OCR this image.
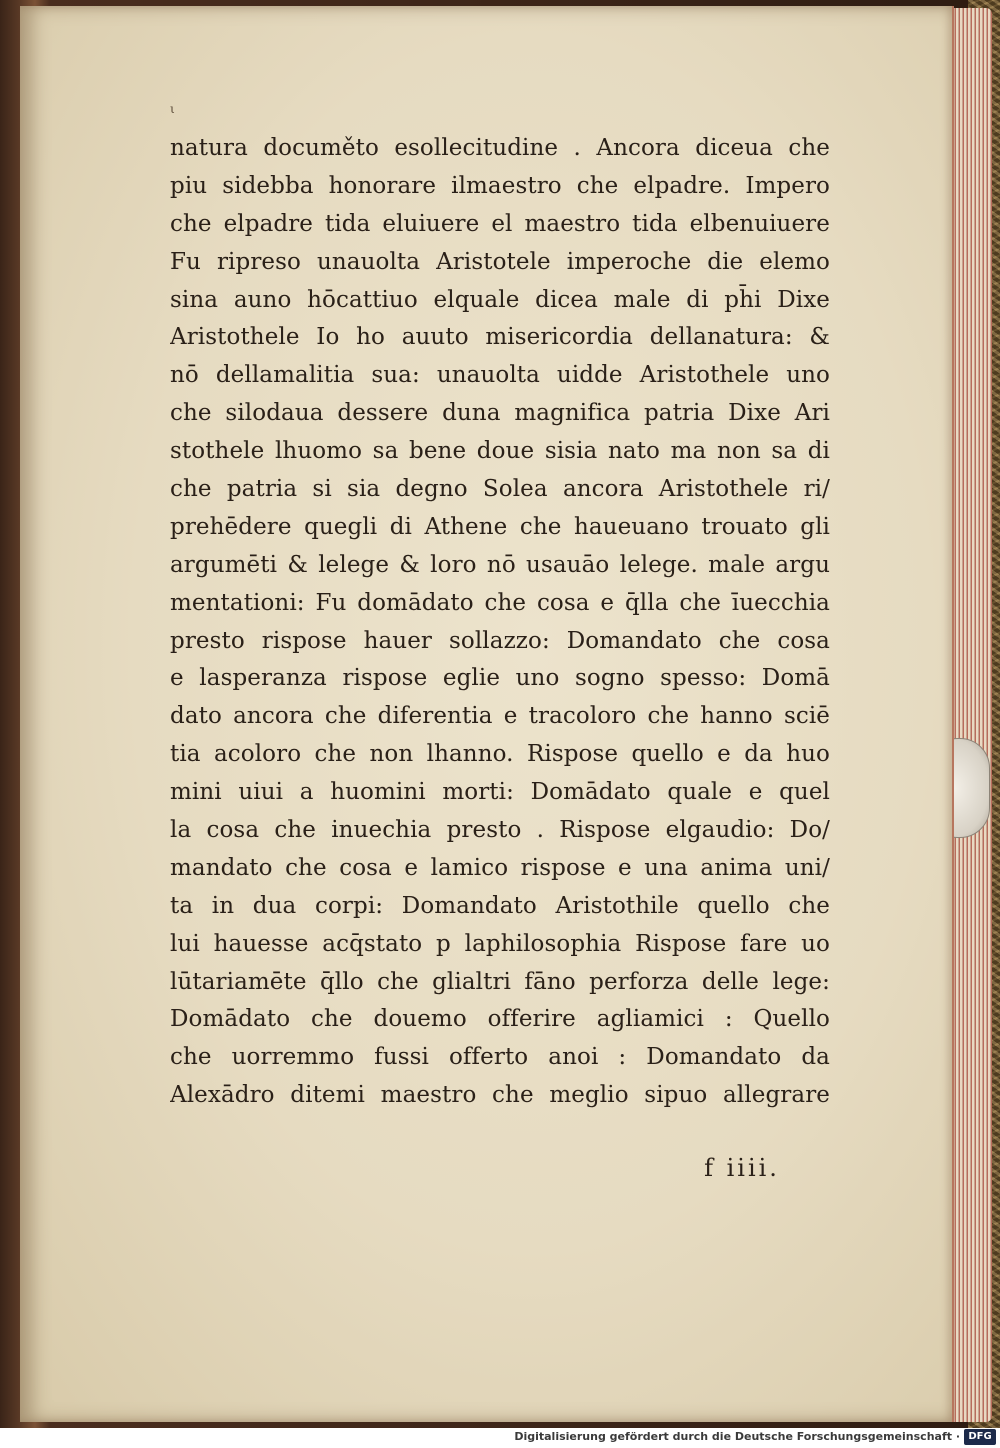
ι
natura documěto esollecitudine . Ancora diceua che
piu sidebba honorare ilmaestro che elpadre. Impero
che elpadre tida eluiuere el maestro tida elbenuiuere
Fu ripreso unauolta Aristotele imperoche die elemo
sina auno hōcattiuo elquale dicea male di ph̄i Dixe
Aristothele Io ho auuto misericordia dellanatura: &
nō dellamalitia sua: unauolta uidde Aristothele uno
che silodaua dessere duna magnifica patria Dixe Ari
stothele lhuomo sa bene doue sisia nato ma non sa di
che patria si sia degno Solea ancora Aristothele ri/
prehēdere quegli di Athene che haueuano trouato gli
argumēti & lelege & loro nō usauāo lelege. male argu
mentationi: Fu domādato che cosa e q̄lla che īuecchia
presto rispose hauer sollazzo: Domandato che cosa
e lasperanza rispose eglie uno sogno spesso: Domā
dato ancora che diferentia e tracoloro che hanno sciē
tia acoloro che non lhanno. Rispose quello e da huo
mini uiui a huomini morti: Domādato quale e quel
la cosa che inuechia presto . Rispose elgaudio: Do/
mandato che cosa e lamico rispose e una anima uni/
ta in dua corpi: Domandato Aristothile quello che
lui hauesse acq̄stato p laphilosophia Rispose fare uo
lūtariamēte q̄llo che glialtri fāno perforza delle lege:
Domādato che douemo offerire agliamici : Quello
che uorremmo fussi offerto anoi : Domandato da
Alexādro ditemi maestro che meglio sipuo allegrare
f iiii.
Digitalisierung gefördert durch die Deutsche Forschungsgemeinschaft · DFG
